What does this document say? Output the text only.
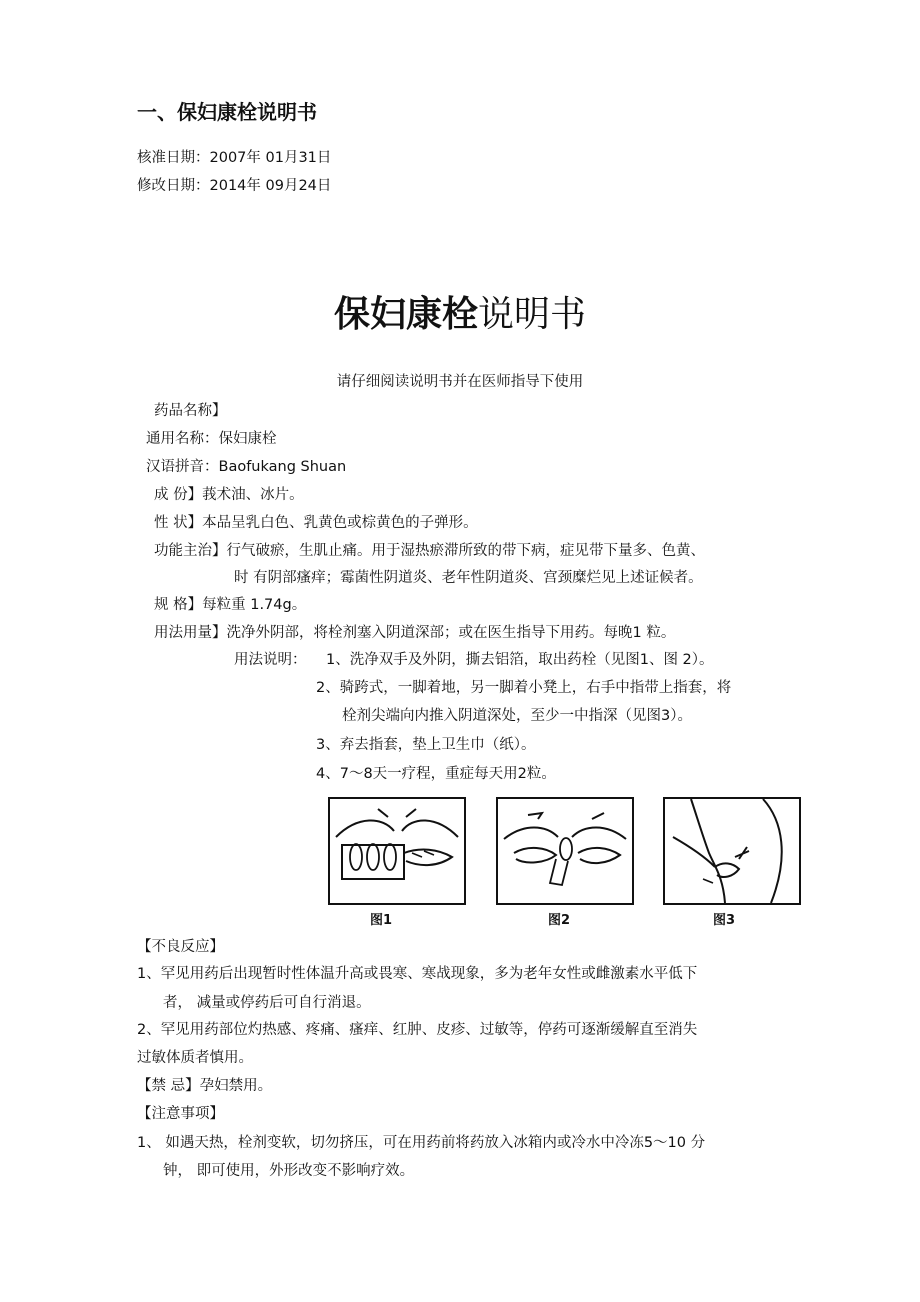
一、保妇康栓说明书
核准日期：2007年 01月31日
修改日期：2014年 09月24日
保妇康栓说明书
请仔细阅读说明书并在医师指导下使用
药品名称】
通用名称：保妇康栓
汉语拼音：Baofukang Shuan
成 份】莪术油、冰片。
性 状】本品呈乳白色、乳黄色或棕黄色的子弹形。
功能主治】行气破瘀，生肌止痛。用于湿热瘀滞所致的带下病，症见带下量多、色黄、
时 有阴部瘙痒；霉菌性阴道炎、老年性阴道炎、宫颈糜烂见上述证候者。
规 格】每粒重 1.74g。
用法用量】洗净外阴部，将栓剂塞入阴道深部；或在医生指导下用药。每晚1 粒。
用法说明： 1、洗净双手及外阴，撕去铝箔，取出药栓（见图1、图 2）。
2、骑跨式，一脚着地，另一脚着小凳上，右手中指带上指套，将
栓剂尖端向内推入阴道深处，至少一中指深（见图3）。
3、弃去指套，垫上卫生巾（纸）。
4、7～8天一疗程，重症每天用2粒。
图1	图2	图3
【不良反应】
1、罕见用药后出现暂时性体温升高或畏寒、寒战现象，多为老年女性或雌激素水平低下
者， 减量或停药后可自行消退。
2、罕见用药部位灼热感、疼痛、瘙痒、红肿、皮疹、过敏等，停药可逐渐缓解直至消失
过敏体质者慎用。
【禁 忌】孕妇禁用。
【注意事项】
1、 如遇天热，栓剂变软，切勿挤压，可在用药前将药放入冰箱内或冷水中冷冻5～10 分
钟， 即可使用，外形改变不影响疗效。
